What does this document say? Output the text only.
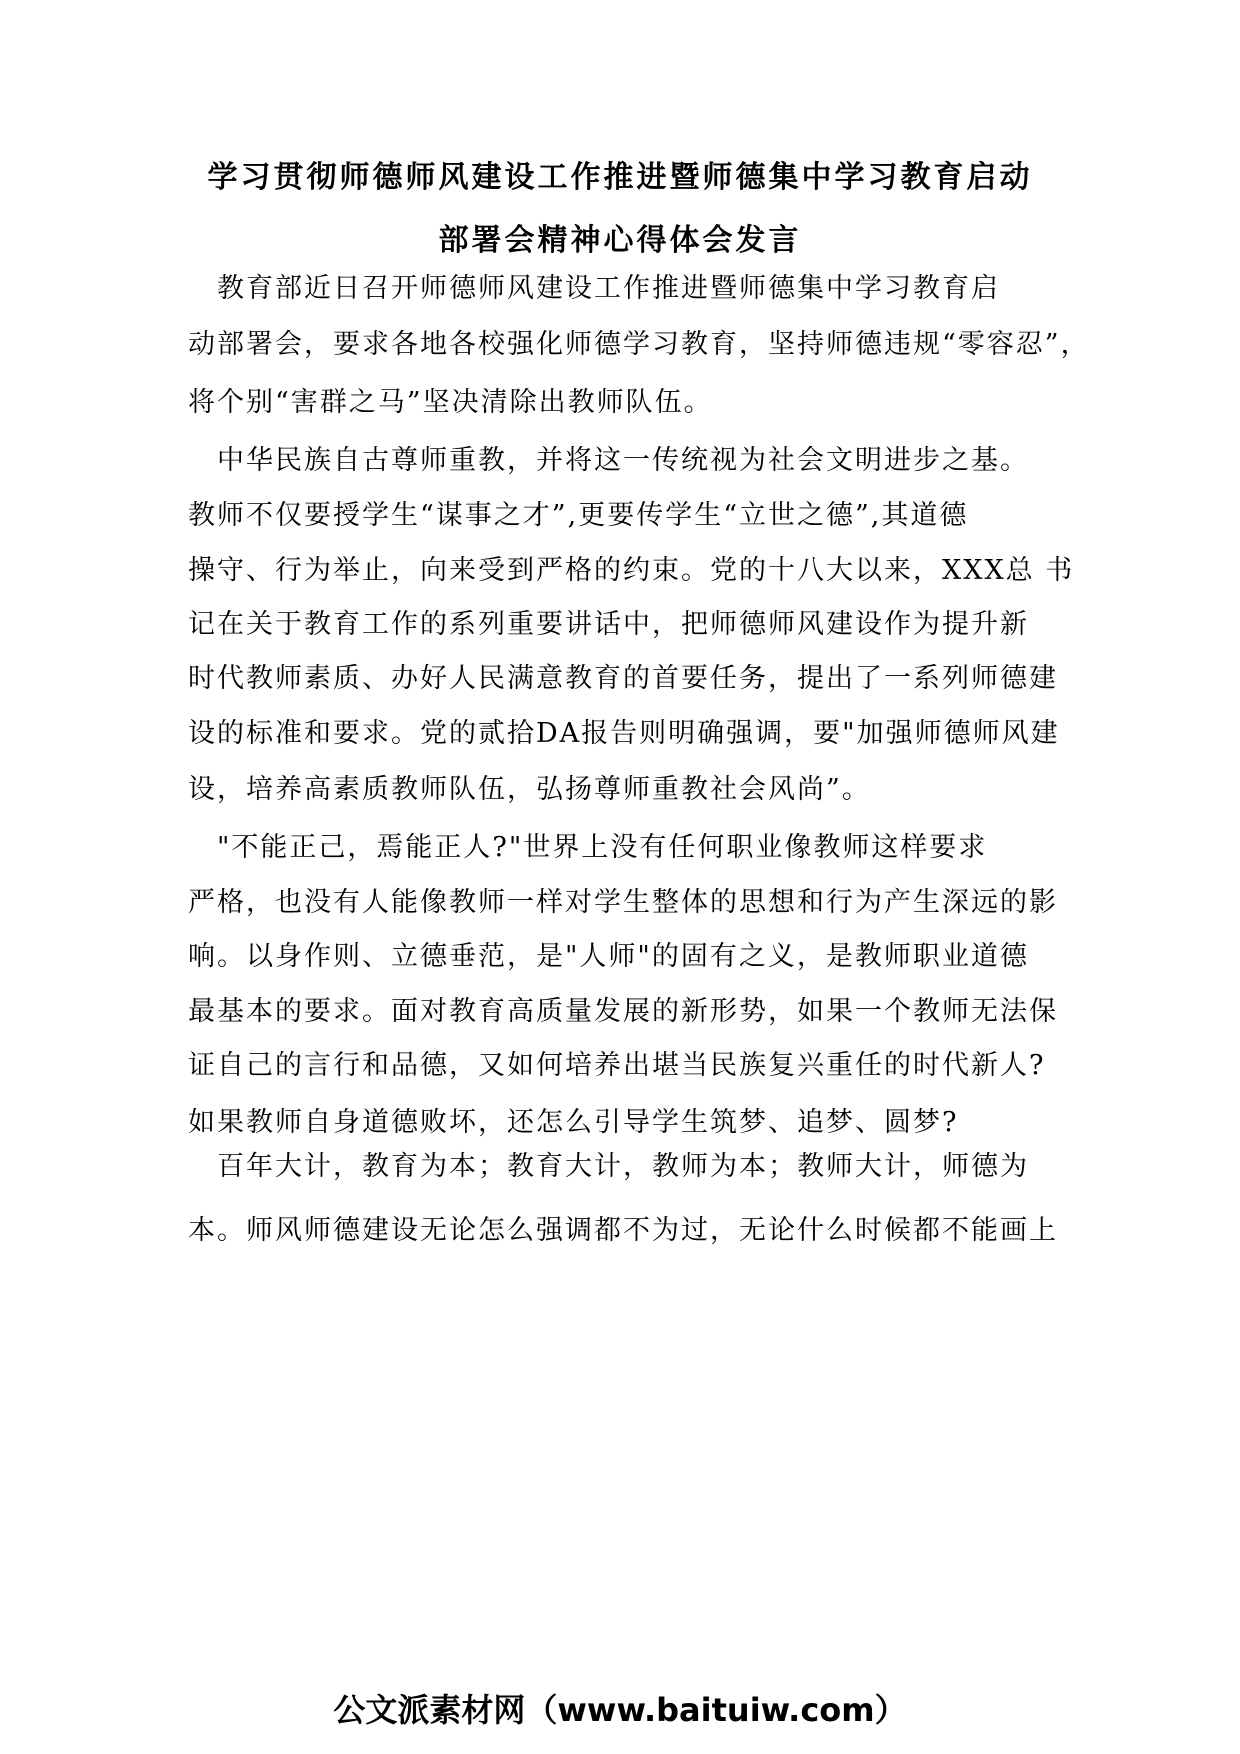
学习贯彻师德师风建设工作推进暨师德集中学习教育启动
部署会精神心得体会发言
　教育部近日召开师德师风建设工作推进暨师德集中学习教育启
动部署会，要求各地各校强化师德学习教育，坚持师德违规“零容忍”，
将个别“害群之马”坚决清除出教师队伍。
　中华民族自古尊师重教，并将这一传统视为社会文明进步之基。
教师不仅要授学生“谋事之才”,更要传学生“立世之德”,其道德
操守、行为举止，向来受到严格的约束。党的十八大以来，XXX总 书
记在关于教育工作的系列重要讲话中，把师德师风建设作为提升新
时代教师素质、办好人民满意教育的首要任务，提出了一系列师德建
设的标准和要求。党的贰拾DA报告则明确强调，要"加强师德师风建
设，培养高素质教师队伍，弘扬尊师重教社会风尚”。
　"不能正己，焉能正人?"世界上没有任何职业像教师这样要求
严格，也没有人能像教师一样对学生整体的思想和行为产生深远的影
响。以身作则、立德垂范，是"人师"的固有之义，是教师职业道德
最基本的要求。面对教育高质量发展的新形势，如果一个教师无法保
证自己的言行和品德，又如何培养出堪当民族复兴重任的时代新人?
如果教师自身道德败坏，还怎么引导学生筑梦、追梦、圆梦?
　百年大计，教育为本；教育大计，教师为本；教师大计，师德为
本。师风师德建设无论怎么强调都不为过，无论什么时候都不能画上
公文派素材网（www.baituiw.com）
